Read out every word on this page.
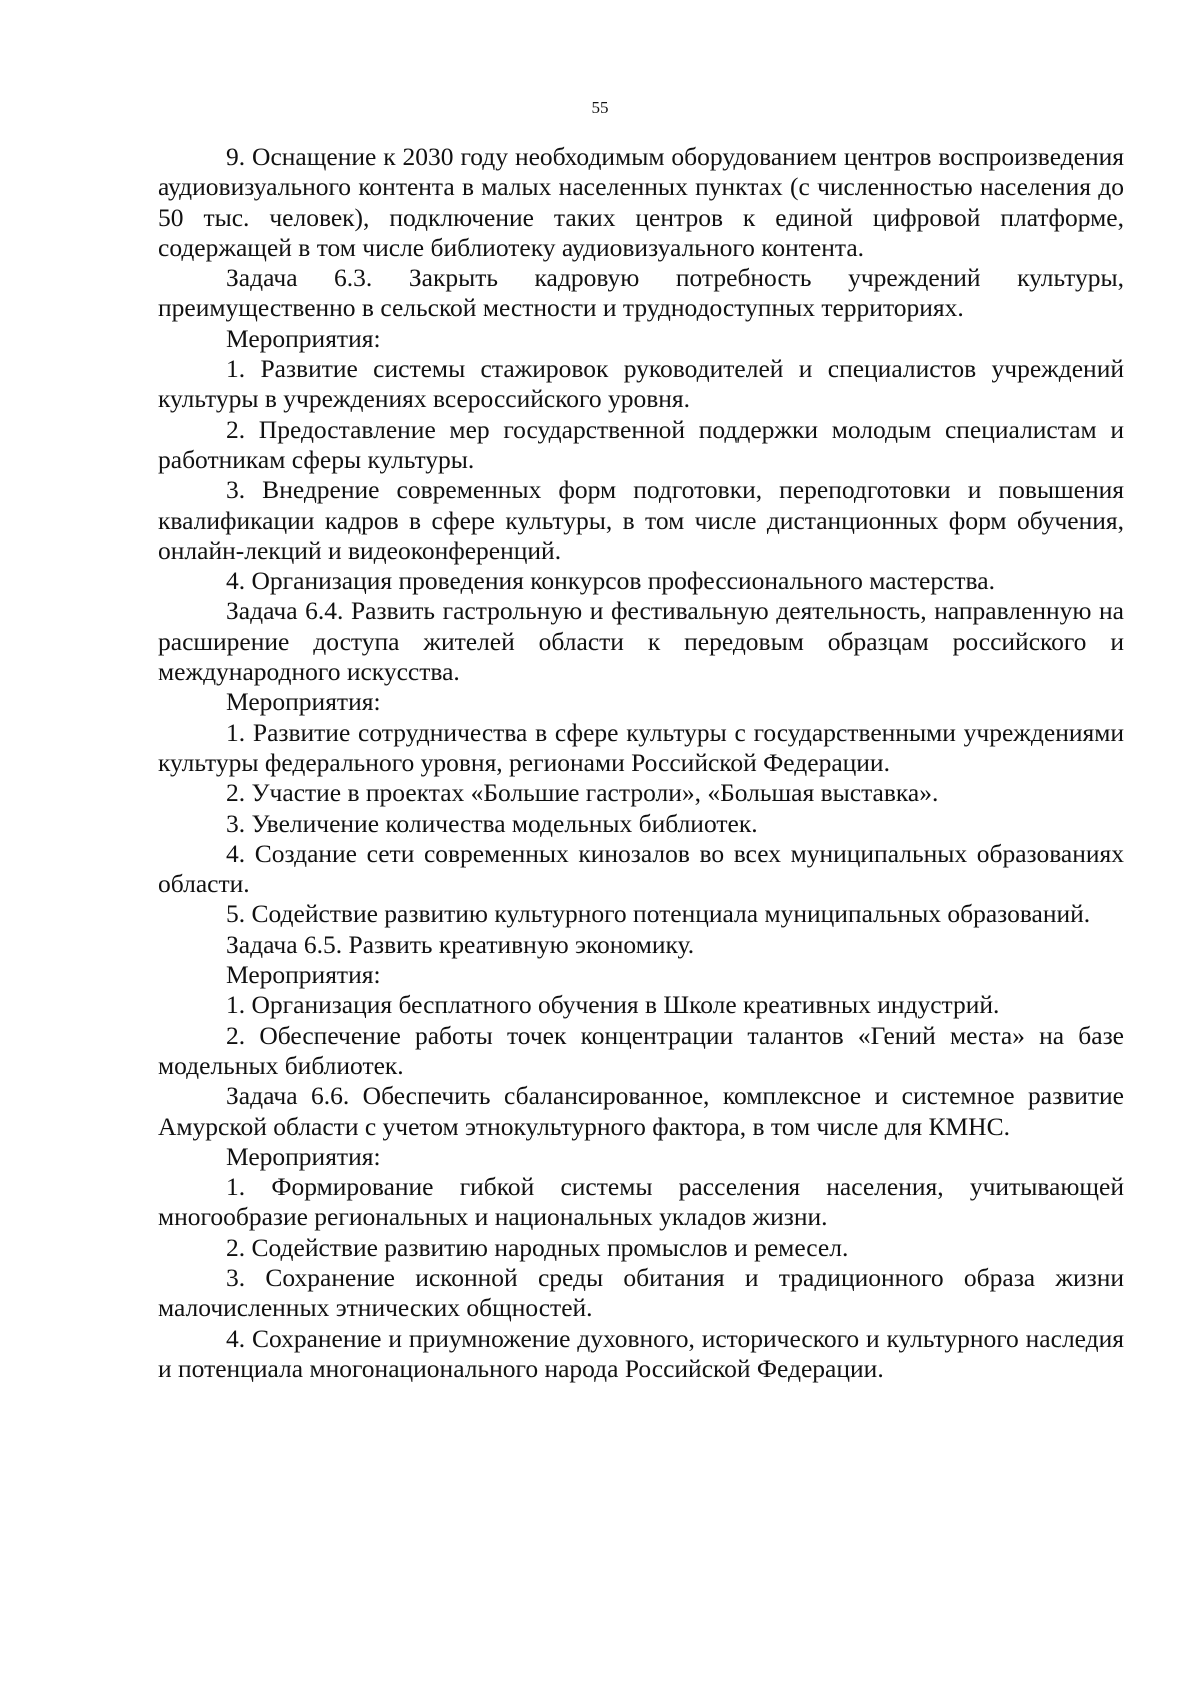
55

9. Оснащение к 2030 году необходимым оборудованием центров воспроизведения аудиовизуального контента в малых населенных пунктах (с численностью населения до 50 тыс. человек), подключение таких центров к единой цифровой платформе, содержащей в том числе библиотеку аудиовизуального контента.

Задача 6.3. Закрыть кадровую потребность учреждений культуры, преимущественно в сельской местности и труднодоступных территориях.

Мероприятия:

1. Развитие системы стажировок руководителей и специалистов учреждений культуры в учреждениях всероссийского уровня.

2. Предоставление мер государственной поддержки молодым специалистам и работникам сферы культуры.

3. Внедрение современных форм подготовки, переподготовки и повышения квалификации кадров в сфере культуры, в том числе дистанционных форм обучения, онлайн-лекций и видеоконференций.

4. Организация проведения конкурсов профессионального мастерства.

Задача 6.4. Развить гастрольную и фестивальную деятельность, направленную на расширение доступа жителей области к передовым образцам российского и международного искусства.

Мероприятия:

1. Развитие сотрудничества в сфере культуры с государственными учреждениями культуры федерального уровня, регионами Российской Федерации.

2. Участие в проектах «Большие гастроли», «Большая выставка».

3. Увеличение количества модельных библиотек.

4. Создание сети современных кинозалов во всех муниципальных образованиях области.

5. Содействие развитию культурного потенциала муниципальных образований.

Задача 6.5. Развить креативную экономику.

Мероприятия:

1. Организация бесплатного обучения в Школе креативных индустрий.

2. Обеспечение работы точек концентрации талантов «Гений места» на базе модельных библиотек.

Задача 6.6. Обеспечить сбалансированное, комплексное и системное развитие Амурской области с учетом этнокультурного фактора, в том числе для КМНС.

Мероприятия:

1. Формирование гибкой системы расселения населения, учитывающей многообразие региональных и национальных укладов жизни.

2. Содействие развитию народных промыслов и ремесел.

3. Сохранение исконной среды обитания и традиционного образа жизни малочисленных этнических общностей.

4. Сохранение и приумножение духовного, исторического и культурного наследия и потенциала многонационального народа Российской Федерации.
